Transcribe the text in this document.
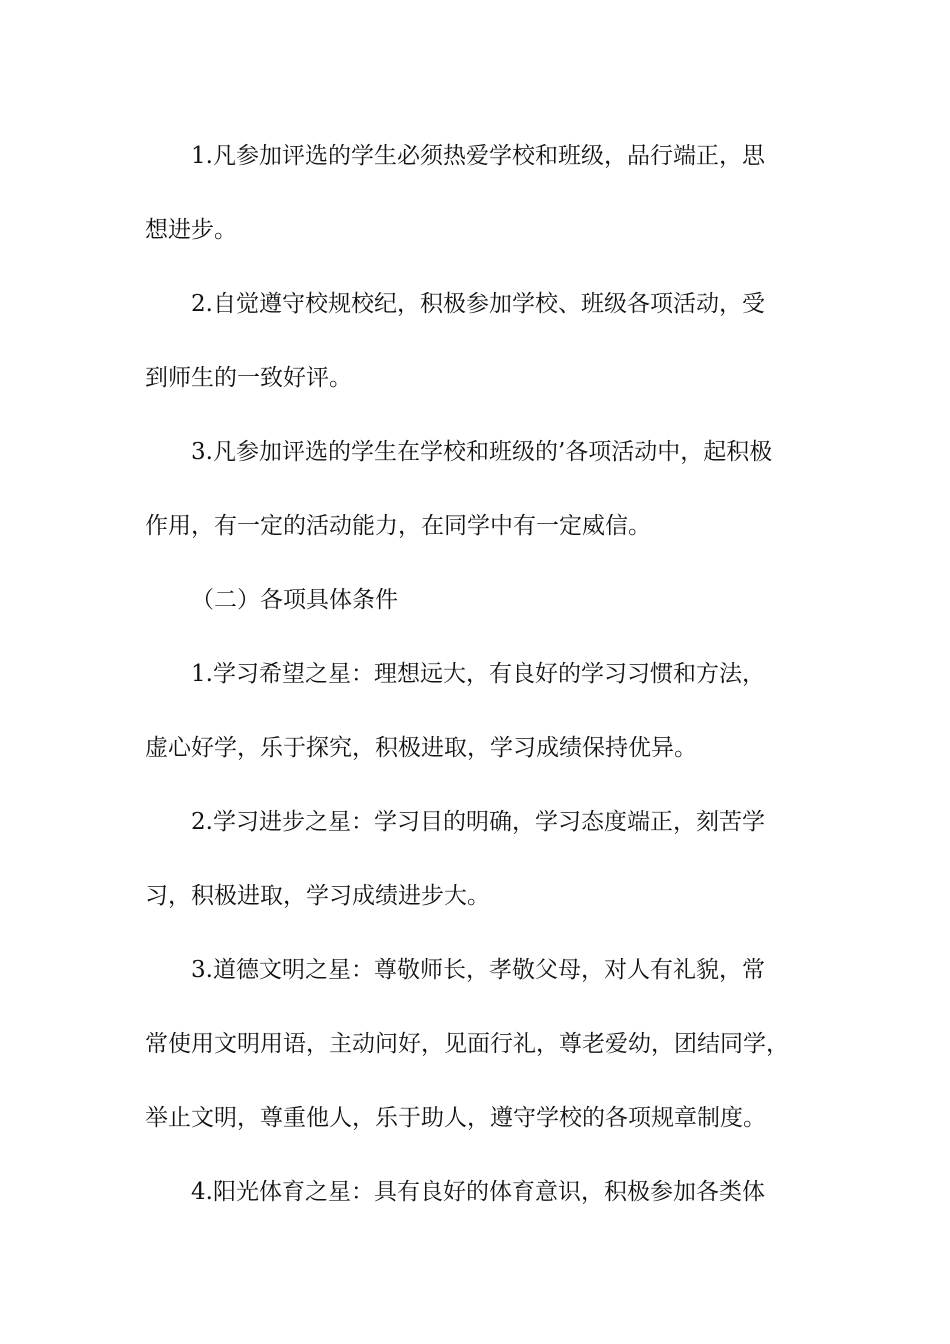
1.凡参加评选的学生必须热爱学校和班级，品行端正，思
想进步。
2.自觉遵守校规校纪，积极参加学校、班级各项活动，受
到师生的一致好评。
3.凡参加评选的学生在学校和班级的’各项活动中，起积极
作用，有一定的活动能力，在同学中有一定威信。
（二）各项具体条件
1.学习希望之星：理想远大，有良好的学习习惯和方法，
虚心好学，乐于探究，积极进取，学习成绩保持优异。
2.学习进步之星：学习目的明确，学习态度端正，刻苦学
习，积极进取，学习成绩进步大。
3.道德文明之星：尊敬师长，孝敬父母，对人有礼貌，常
常使用文明用语，主动问好，见面行礼，尊老爱幼，团结同学，
举止文明，尊重他人，乐于助人，遵守学校的各项规章制度。
4.阳光体育之星：具有良好的体育意识，积极参加各类体
